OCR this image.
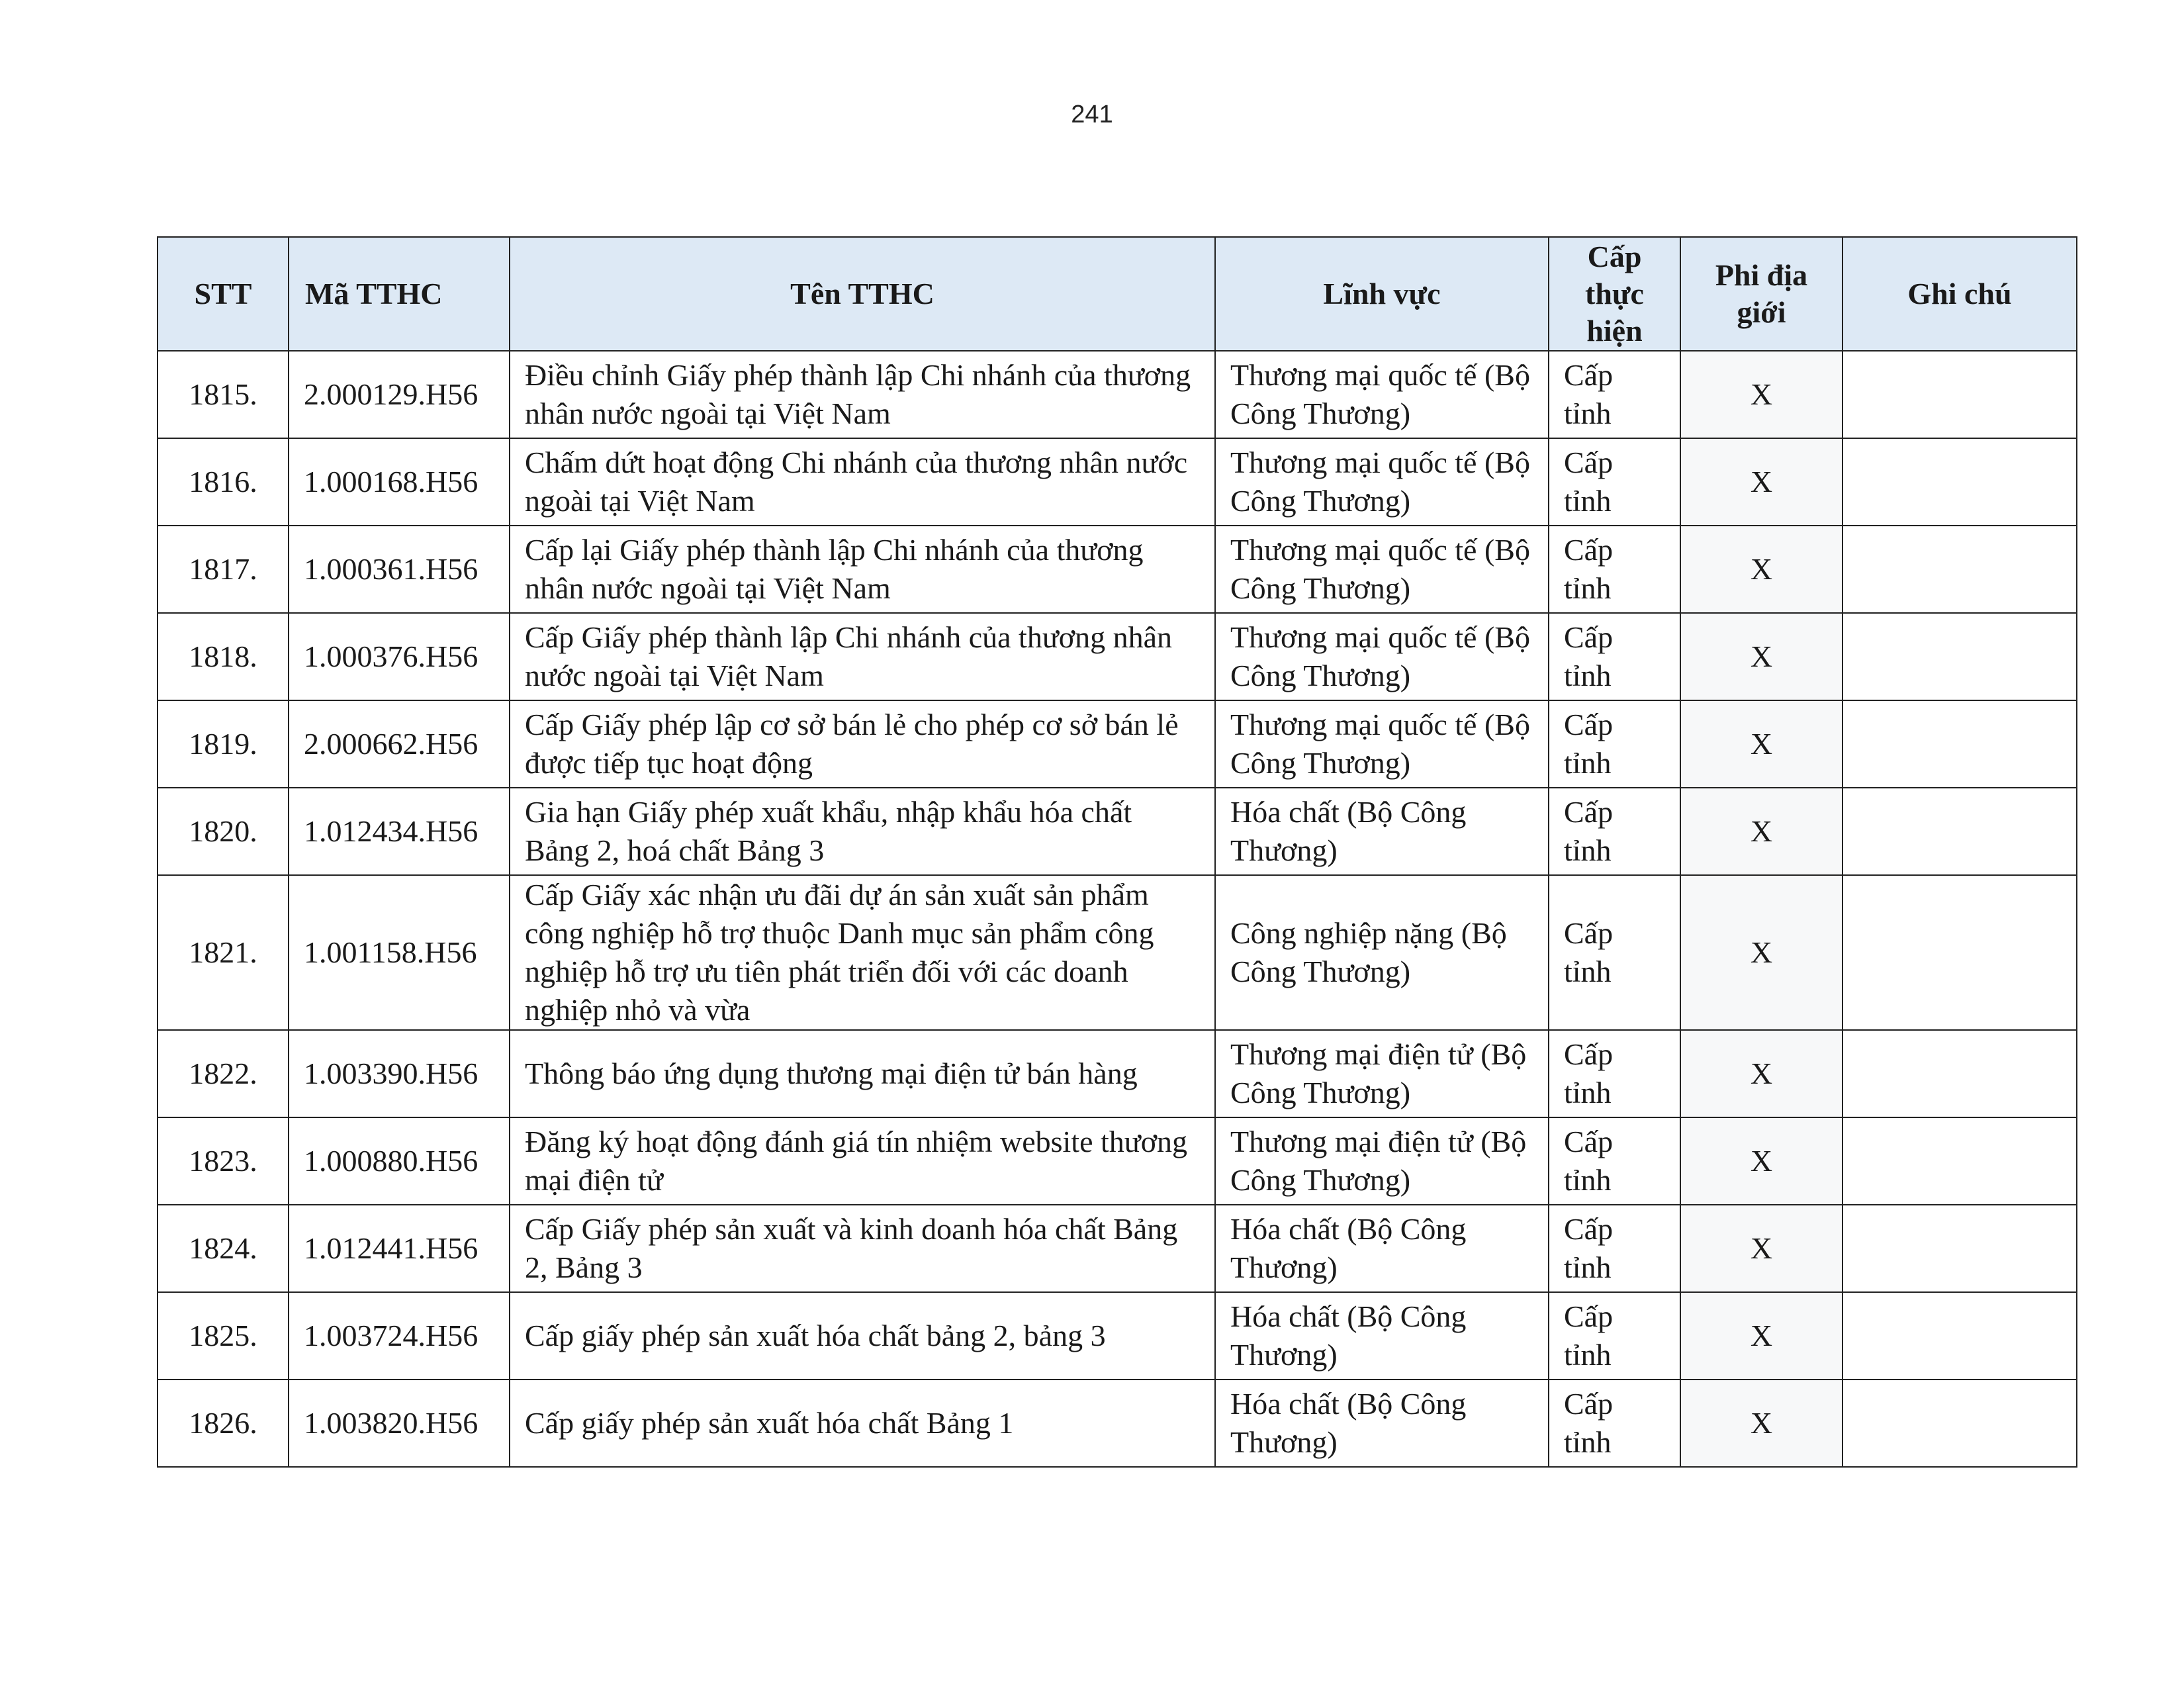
241
STT	Mã TTHC	Tên TTHC	Lĩnh vực	Cấp thực hiện	Phi địa giới	Ghi chú
1815.	2.000129.H56	Điều chỉnh Giấy phép thành lập Chi nhánh của thương nhân nước ngoài tại Việt Nam	Thương mại quốc tế (Bộ Công Thương)	Cấp tỉnh	X	
1816.	1.000168.H56	Chấm dứt hoạt động Chi nhánh của thương nhân nước ngoài tại Việt Nam	Thương mại quốc tế (Bộ Công Thương)	Cấp tỉnh	X	
1817.	1.000361.H56	Cấp lại Giấy phép thành lập Chi nhánh của thương nhân nước ngoài tại Việt Nam	Thương mại quốc tế (Bộ Công Thương)	Cấp tỉnh	X	
1818.	1.000376.H56	Cấp Giấy phép thành lập Chi nhánh của thương nhân nước ngoài tại Việt Nam	Thương mại quốc tế (Bộ Công Thương)	Cấp tỉnh	X	
1819.	2.000662.H56	Cấp Giấy phép lập cơ sở bán lẻ cho phép cơ sở bán lẻ được tiếp tục hoạt động	Thương mại quốc tế (Bộ Công Thương)	Cấp tỉnh	X	
1820.	1.012434.H56	Gia hạn Giấy phép xuất khẩu, nhập khẩu hóa chất Bảng 2, hoá chất Bảng 3	Hóa chất (Bộ Công Thương)	Cấp tỉnh	X	
1821.	1.001158.H56	Cấp Giấy xác nhận ưu đãi dự án sản xuất sản phẩm công nghiệp hỗ trợ thuộc Danh mục sản phẩm công nghiệp hỗ trợ ưu tiên phát triển đối với các doanh nghiệp nhỏ và vừa	Công nghiệp nặng (Bộ Công Thương)	Cấp tỉnh	X	
1822.	1.003390.H56	Thông báo ứng dụng thương mại điện tử bán hàng	Thương mại điện tử (Bộ Công Thương)	Cấp tỉnh	X	
1823.	1.000880.H56	Đăng ký hoạt động đánh giá tín nhiệm website thương mại điện tử	Thương mại điện tử (Bộ Công Thương)	Cấp tỉnh	X	
1824.	1.012441.H56	Cấp Giấy phép sản xuất và kinh doanh hóa chất Bảng 2, Bảng 3	Hóa chất (Bộ Công Thương)	Cấp tỉnh	X	
1825.	1.003724.H56	Cấp giấy phép sản xuất hóa chất bảng 2, bảng 3	Hóa chất (Bộ Công Thương)	Cấp tỉnh	X	
1826.	1.003820.H56	Cấp giấy phép sản xuất hóa chất Bảng 1	Hóa chất (Bộ Công Thương)	Cấp tỉnh	X	
